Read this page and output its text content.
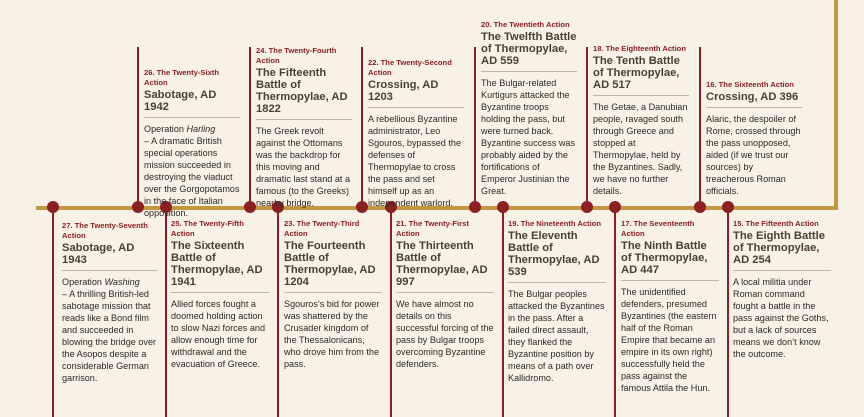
26. The Twenty-Sixth Action
Sabotage, AD 1942
Operation Harling
– A dramatic British special operations mission succeeded in destroying the viaduct over the Gorgopotamos in the face of Italian opposition.
24. The Twenty-Fourth Action
The Fifteenth Battle of Thermopylae, AD 1822
The Greek revolt against the Ottomans was the backdrop for this moving and dramatic last stand at a famous (to the Greeks) nearby bridge.
22. The Twenty-Second Action
Crossing, AD 1203
A rebellious Byzantine administrator, Leo Sgouros, bypassed the defenses of Thermopylae to cross the pass and set himself up as an independent warlord.
20. The Twentieth Action
The Twelfth Battle of Thermopylae, AD 559
The Bulgar-related Kurtigurs attacked the Byzantine troops holding the pass, but were turned back. Byzantine success was probably aided by the fortifications of Emperor Justinian the Great.
18. The Eighteenth Action
The Tenth Battle of Thermopylae, AD 517
The Getae, a Danubian people, ravaged south through Greece and stopped at Thermopylae, held by the Byzantines. Sadly, we have no further details.
16. The Sixteenth Action
Crossing, AD 396
Alaric, the despoiler of Rome, crossed through the pass unopposed, aided (if we trust our sources) by treacherous Roman officials.
27. The Twenty-Seventh Action
Sabotage, AD 1943
Operation Washing
– A thrilling British-led sabotage mission that reads like a Bond film and succeeded in blowing the bridge over the Asopos despite a considerable German garrison.
25. The Twenty-Fifth Action
The Sixteenth Battle of Thermopylae, AD 1941
Allied forces fought a doomed holding action to slow Nazi forces and allow enough time for withdrawal and the evacuation of Greece.
23. The Twenty-Third Action
The Fourteenth Battle of Thermopylae, AD 1204
Sgouros’s bid for power was shattered by the Crusader kingdom of the Thessalonicans, who drove him from the pass.
21. The Twenty-First Action
The Thirteenth Battle of Thermopylae, AD 997
We have almost no details on this successful forcing of the pass by Bulgar troops overcoming Byzantine defenders.
19. The Nineteenth Action
The Eleventh Battle of Thermopylae, AD 539
The Bulgar peoples attacked the Byzantines in the pass. After a failed direct assault, they flanked the Byzantine position by means of a path over Kallidromo.
17. The Seventeenth Action
The Ninth Battle of Thermopylae, AD 447
The unidentified defenders, presumed Byzantines (the eastern half of the Roman Empire that became an empire in its own right) successfully held the pass against the famous Attila the Hun.
15. The Fifteenth Action
The Eighth Battle of Thermopylae, AD 254
A local militia under Roman command fought a battle in the pass against the Goths, but a lack of sources means we don’t know the outcome.
